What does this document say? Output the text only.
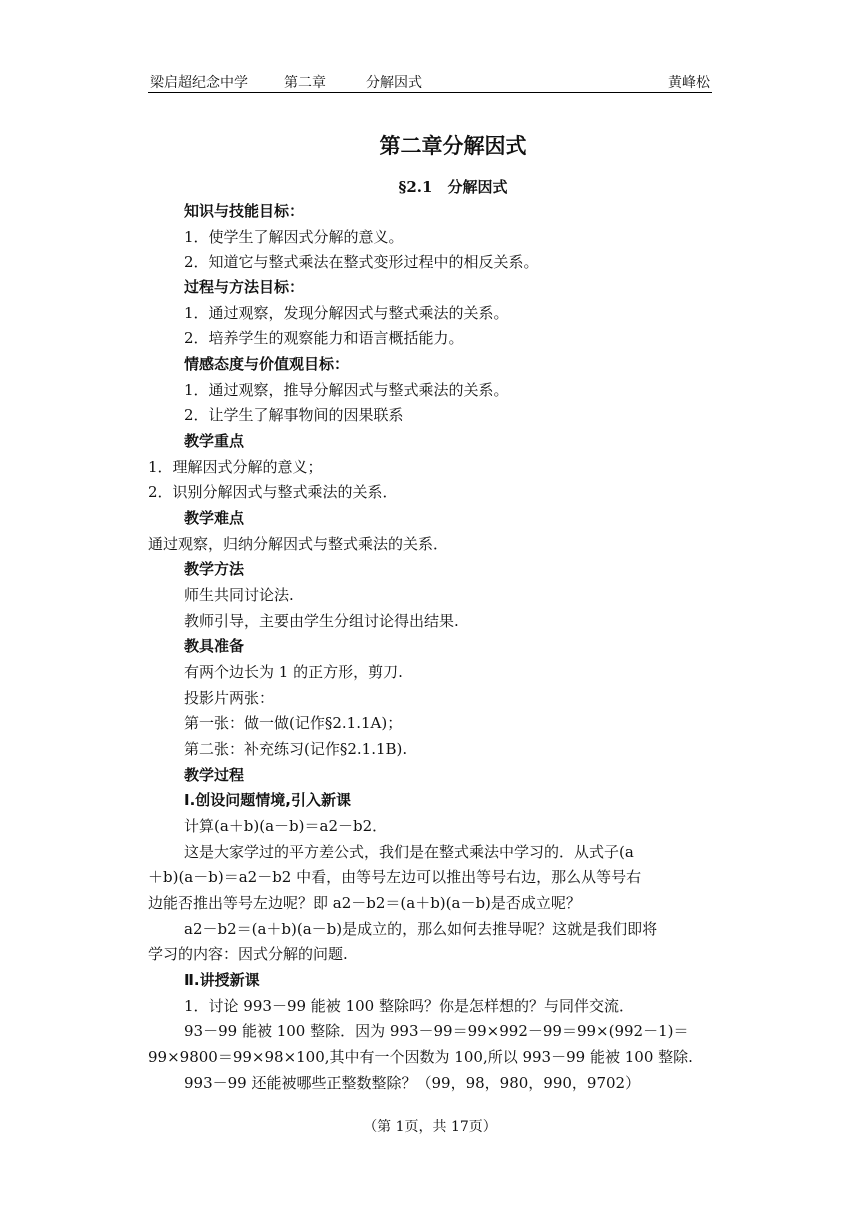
梁启超纪念中学	第二章	分解因式	黄峰松
第二章分解因式
§2.1　分解因式
知识与技能目标：
1．使学生了解因式分解的意义。
2．知道它与整式乘法在整式变形过程中的相反关系。
过程与方法目标：
1．通过观察，发现分解因式与整式乘法的关系。
2．培养学生的观察能力和语言概括能力。
情感态度与价值观目标：
1．通过观察，推导分解因式与整式乘法的关系。
2．让学生了解事物间的因果联系
教学重点
1．理解因式分解的意义；
2．识别分解因式与整式乘法的关系．
教学难点
通过观察，归纳分解因式与整式乘法的关系．
教学方法
师生共同讨论法.
教师引导，主要由学生分组讨论得出结果.
教具准备
有两个边长为 1 的正方形，剪刀.
投影片两张：
第一张：做一做(记作§2.1.1A)；
第二张：补充练习(记作§2.1.1B).
教学过程
Ⅰ.创设问题情境,引入新课
计算(a＋b)(a－b)＝a2－b2．
这是大家学过的平方差公式，我们是在整式乘法中学习的．从式子(a
＋b)(a－b)＝a2－b2 中看，由等号左边可以推出等号右边，那么从等号右
边能否推出等号左边呢？即 a2－b2＝(a＋b)(a－b)是否成立呢？
a2－b2＝(a＋b)(a－b)是成立的，那么如何去推导呢？这就是我们即将
学习的内容：因式分解的问题.
Ⅱ.讲授新课
1．讨论 993－99 能被 100 整除吗？你是怎样想的？与同伴交流．
93－99 能被 100 整除．因为 993－99＝99×992－99＝99×(992－1)＝
99×9800＝99×98×100,其中有一个因数为 100,所以 993－99 能被 100 整除.
993－99 还能被哪些正整数整除？（99，98，980，990，9702）
（第 1页，共 17页）
